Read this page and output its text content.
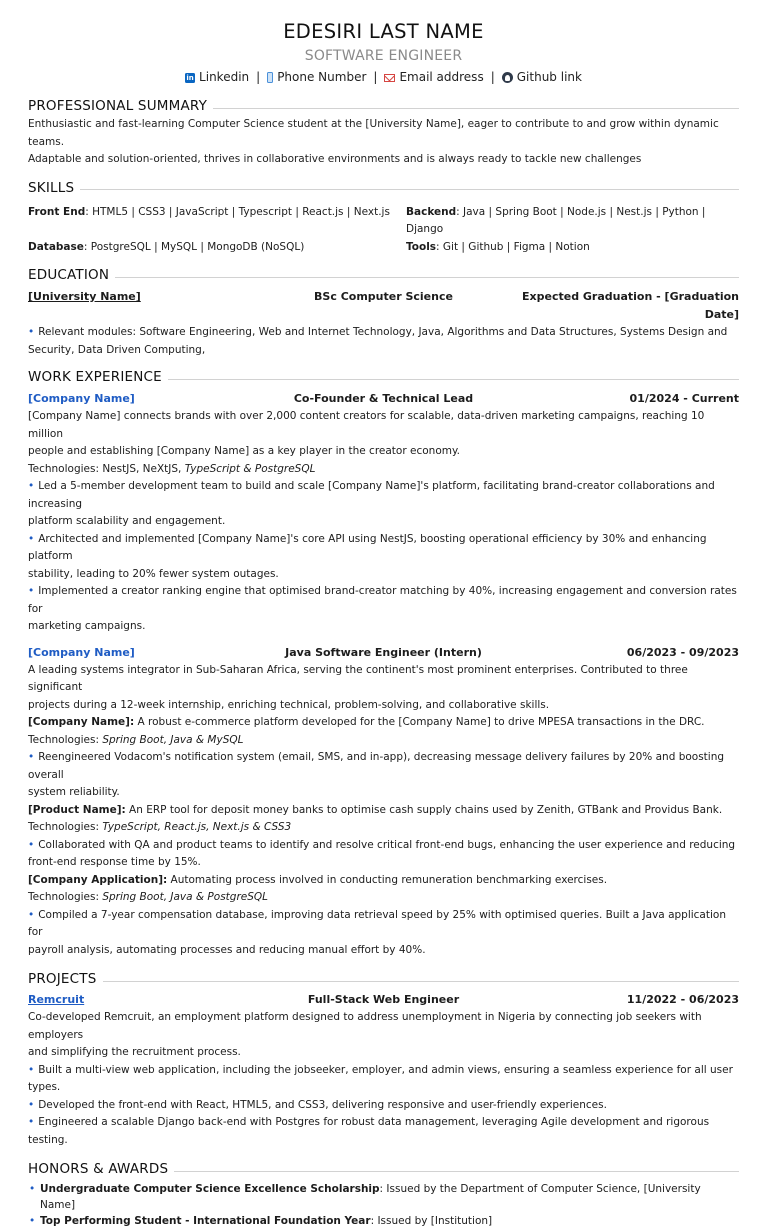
EDESIRI LAST NAME
SOFTWARE ENGINEER
in Linkedin | Phone Number | Email address | Github link
PROFESSIONAL SUMMARY
Enthusiastic and fast-learning Computer Science student at the [University Name], eager to contribute to and grow within dynamic teams.
Adaptable and solution-oriented, thrives in collaborative environments and is always ready to tackle new challenges
SKILLS
Front End: HTML5 | CSS3 | JavaScript | Typescript | React.js | Next.js	Backend: Java | Spring Boot | Node.js | Nest.js | Python | Django
Database: PostgreSQL | MySQL | MongoDB (NoSQL)	Tools: Git | Github | Figma | Notion
EDUCATION
[University Name]	BSc Computer Science	Expected Graduation - [Graduation Date]
• Relevant modules: Software Engineering, Web and Internet Technology, Java, Algorithms and Data Structures, Systems Design and
Security, Data Driven Computing,
WORK EXPERIENCE
[Company Name]	Co-Founder & Technical Lead	01/2024 - Current
[Company Name] connects brands with over 2,000 content creators for scalable, data-driven marketing campaigns, reaching 10 million
people and establishing [Company Name] as a key player in the creator economy.
Technologies: NestJS, NeXtJS, TypeScript & PostgreSQL
• Led a 5-member development team to build and scale [Company Name]'s platform, facilitating brand-creator collaborations and increasing
platform scalability and engagement.
• Architected and implemented [Company Name]'s core API using NestJS, boosting operational efficiency by 30% and enhancing platform
stability, leading to 20% fewer system outages.
• Implemented a creator ranking engine that optimised brand-creator matching by 40%, increasing engagement and conversion rates for
marketing campaigns.
[Company Name]	Java Software Engineer (Intern)	06/2023 - 09/2023
A leading systems integrator in Sub-Saharan Africa, serving the continent's most prominent enterprises. Contributed to three significant
projects during a 12-week internship, enriching technical, problem-solving, and collaborative skills.
[Company Name]: A robust e-commerce platform developed for the [Company Name] to drive MPESA transactions in the DRC.
Technologies: Spring Boot, Java & MySQL
• Reengineered Vodacom's notification system (email, SMS, and in-app), decreasing message delivery failures by 20% and boosting overall
system reliability.
[Product Name]: An ERP tool for deposit money banks to optimise cash supply chains used by Zenith, GTBank and Providus Bank.
Technologies: TypeScript, React.js, Next.js & CSS3
• Collaborated with QA and product teams to identify and resolve critical front-end bugs, enhancing the user experience and reducing
front-end response time by 15%.
[Company Application]: Automating process involved in conducting remuneration benchmarking exercises.
Technologies: Spring Boot, Java & PostgreSQL
• Compiled a 7-year compensation database, improving data retrieval speed by 25% with optimised queries. Built a Java application for
payroll analysis, automating processes and reducing manual effort by 40%.
PROJECTS
Remcruit	Full-Stack Web Engineer	11/2022 - 06/2023
Co-developed Remcruit, an employment platform designed to address unemployment in Nigeria by connecting job seekers with employers
and simplifying the recruitment process.
• Built a multi-view web application, including the jobseeker, employer, and admin views, ensuring a seamless experience for all user types.
• Developed the front-end with React, HTML5, and CSS3, delivering responsive and user-friendly experiences.
• Engineered a scalable Django back-end with Postgres for robust data management, leveraging Agile development and rigorous testing.
HONORS & AWARDS
• Undergraduate Computer Science Excellence Scholarship: Issued by the Department of Computer Science, [University Name]
• Top Performing Student - International Foundation Year: Issued by [Institution]
